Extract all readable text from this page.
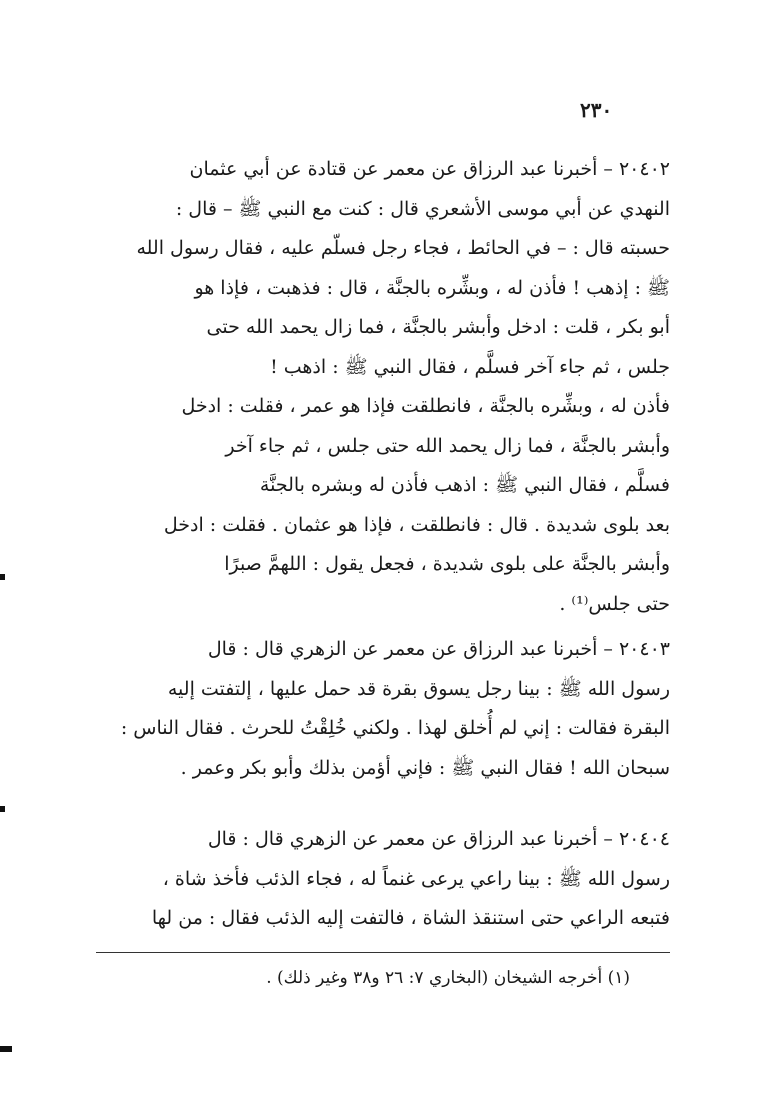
٢٣٠
٢٠٤٠٢ – أخبرنا عبد الرزاق عن معمر عن قتادة عن أبي عثمان
النهدي عن أبي موسى الأشعري قال : كنت مع النبي ﷺ – قال :
حسبته قال : – في الحائط ، فجاء رجل فسلّم عليه ، فقال رسول الله
ﷺ : إذهب ! فأذن له ، وبشِّره بالجنَّة ، قال : فذهبت ، فإذا هو
أبو بكر ، قلت : ادخل وأبشر بالجنَّة ، فما زال يحمد الله حتى
جلس ، ثم جاء آخر فسلَّم ، فقال النبي ﷺ : اذهب !
فأذن له ، وبشِّره بالجنَّة ، فانطلقت فإذا هو عمر ، فقلت : ادخل
وأبشر بالجنَّة ، فما زال يحمد الله حتى جلس ، ثم جاء آخر
فسلَّم ، فقال النبي ﷺ : اذهب فأذن له وبشره بالجنَّة
بعد بلوى شديدة . قال : فانطلقت ، فإذا هو عثمان . فقلت : ادخل
وأبشر بالجنَّة على بلوى شديدة ، فجعل يقول : اللهمَّ صبرًا
حتى جلس⁽¹⁾ .
٢٠٤٠٣ – أخبرنا عبد الرزاق عن معمر عن الزهري قال : قال
رسول الله ﷺ : بينا رجل يسوق بقرة قد حمل عليها ، إلتفتت إليه
البقرة فقالت : إني لم أُخلق لهذا . ولكني خُلِقْتُ للحرث . فقال الناس :
سبحان الله ! فقال النبي ﷺ : فإني أؤمن بذلك وأبو بكر وعمر .
٢٠٤٠٤ – أخبرنا عبد الرزاق عن معمر عن الزهري قال : قال
رسول الله ﷺ : بينا راعي يرعى غنماً له ، فجاء الذئب فأخذ شاة ،
فتبعه الراعي حتى استنقذ الشاة ، فالتفت إليه الذئب فقال : من لها
(١) أخرجه الشيخان (البخاري ٧: ٢٦ و٣٨ وغير ذلك) .
